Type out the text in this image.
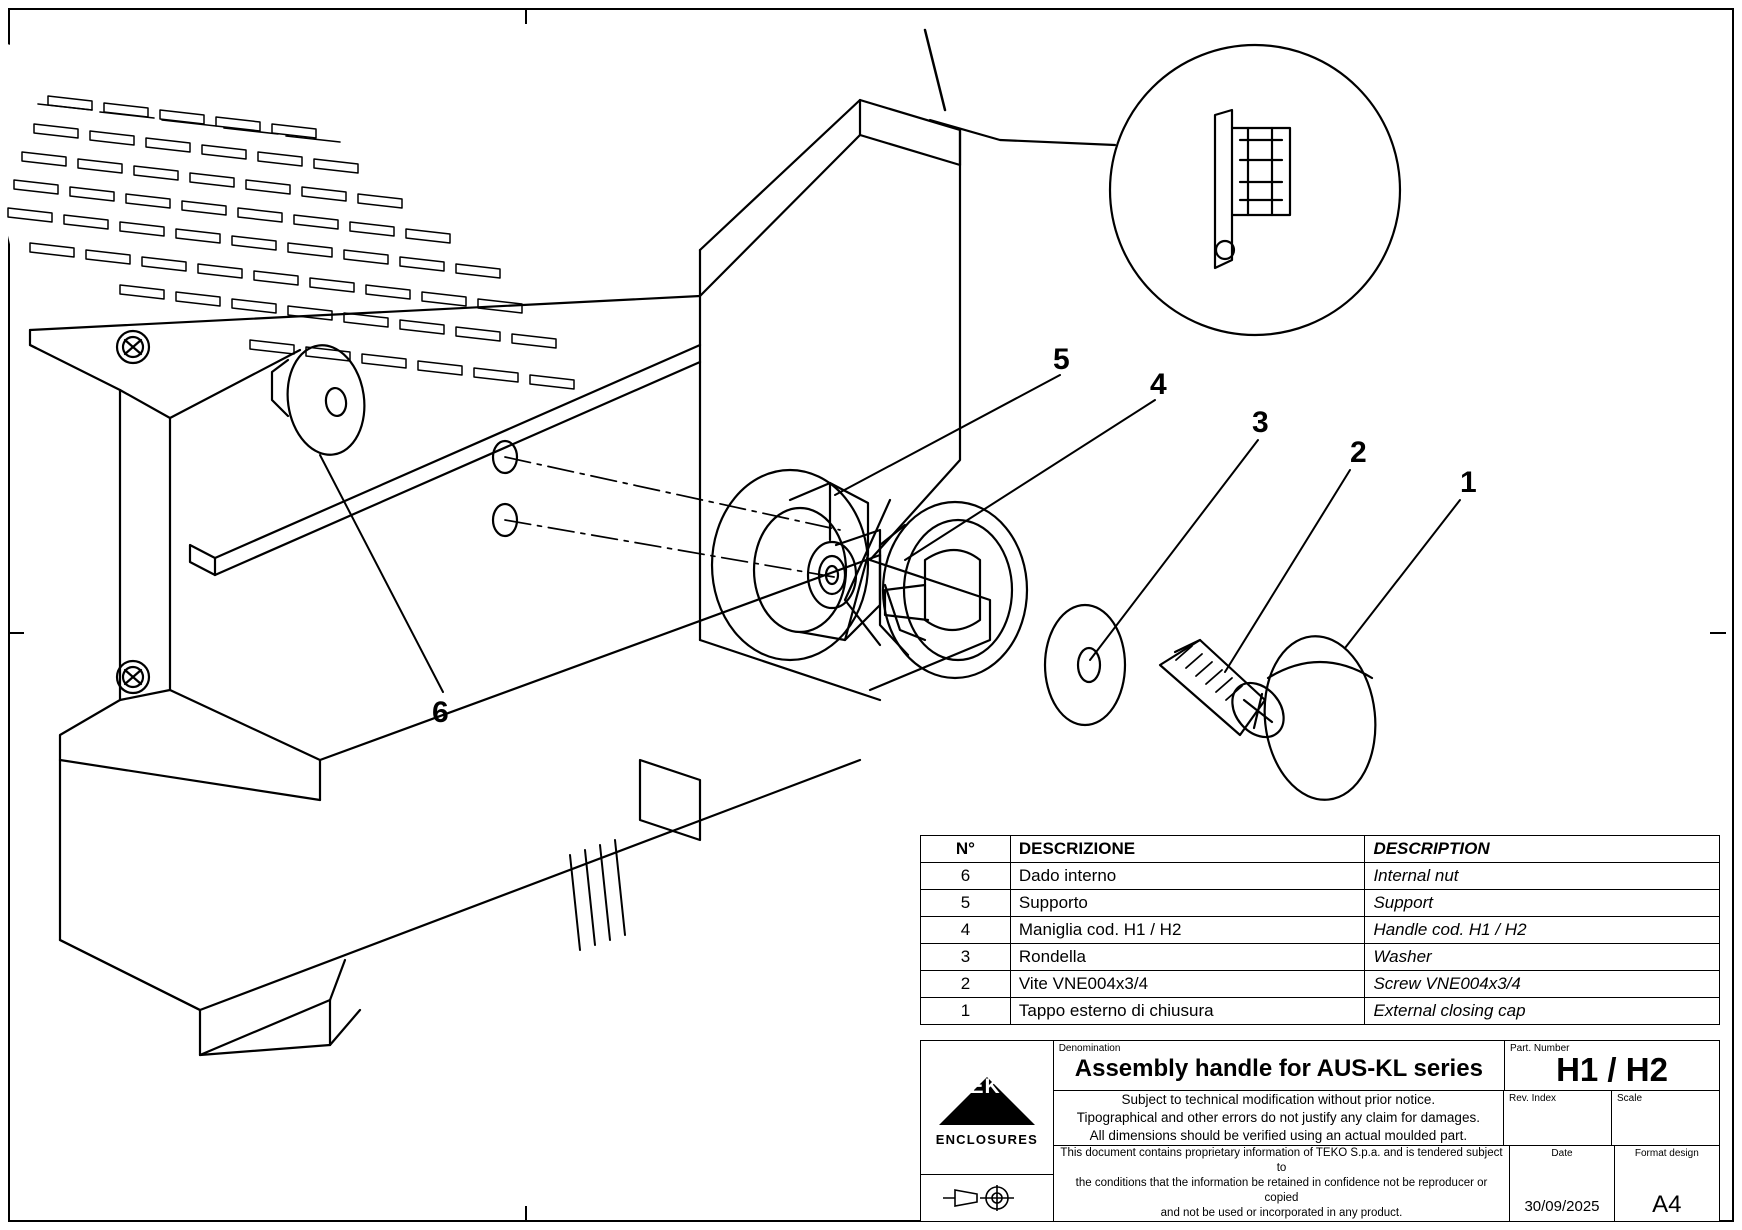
5
4
3
2
1
6
N°	DESCRIZIONE	DESCRIPTION
6	Dado interno	Internal nut
5	Supporto	Support
4	Maniglia cod. H1 / H2	Handle cod. H1 / H2
3	Rondella	Washer
2	Vite VNE004x3/4	Screw VNE004x3/4
1	Tappo esterno di chiusura	External closing cap
TEKO
ENCLOSURES
Denomination
Assembly handle for AUS-KL series
Part. Number
H1 / H2
Subject to technical modification without prior notice.
Tipographical and other errors do not justify any claim for damages.
All dimensions should be verified using an actual moulded part.
Rev. Index	Scale
This document contains proprietary information of TEKO S.p.a. and is tendered subject to
the conditions that the information be retained in confidence not be reproducer or copied
and not be used or incorporated in any product.
Date
30/09/2025
Format design
A4
